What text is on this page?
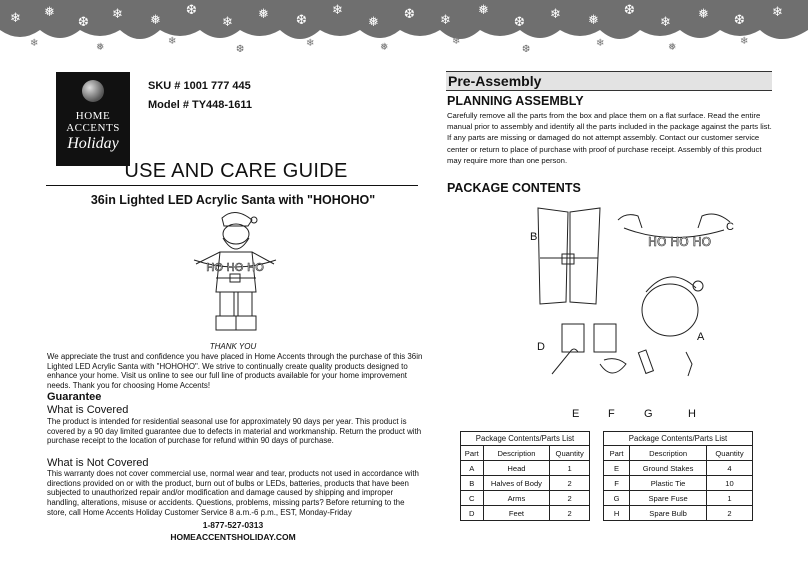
❄ ❅
❆
❄ ❅
❆
❄
❅ ❆
❄
❅
❆ ❄
❅
❆
❄ ❅
❆
❄
❅ ❆
❄
❄	❅
❄
❆
❄	❅
❄
❆
❄	❅
❄
HOME
ACCENTS
Holiday
SKU # 1001 777 445
Model # TY448-1611
USE AND CARE GUIDE
36in Lighted LED Acrylic Santa with "HOHOHO"
HO HO HO
THANK YOU
We appreciate the trust and confidence you have placed in Home Accents through the purchase of this 36in Lighted LED Acrylic Santa with "HOHOHO". We strive to continually create quality products designed to enhance your home. Visit us online to see our full line of products available for your home improvement needs. Thank you for choosing Home Accents!
Guarantee
What is Covered
The product is intended for residential seasonal use for approximately 90 days per year. This product is covered by a 90 day limited guarantee due to defects in material and workmanship. Return the product with purchase receipt to the location of purchase for refund within 90 days of purchase.
What is Not Covered
This warranty does not cover commercial use, normal wear and tear, products not used in accordance with directions provided on or with the product, burn out of bulbs or LEDs, batteries, products that have been subjected to unauthorized repair and/or modification and damage caused by shipping and improper handling, alterations, misuse or accidents. Questions, problems, missing parts? Before returning to the store, call Home Accents Holiday Customer Service 8 a.m.-6 p.m., EST, Monday-Friday
1-877-527-0313
HOMEACCENTSHOLIDAY.COM
Pre-Assembly
PLANNING ASSEMBLY
Carefully remove all the parts from the box and place them on a flat surface. Read the entire manual prior to assembly and identify all the parts included in the package against the parts list. If any parts are missing or damaged do not attempt assembly. Contact our customer service center or return to place of purchase with proof of purchase receipt. Assembly of this product may require more than one person.
PACKAGE CONTENTS
HO HO HO
B
C
A
D
E	F	G	H
Package Contents/Parts List
Part	Description	Quantity
A	Head	1
B	Halves of Body	2
C	Arms	2
D	Feet	2
Package Contents/Parts List
Part	Description	Quantity
E	Ground Stakes	4
F	Plastic Tie	10
G	Spare Fuse	1
H	Spare Bulb	2
